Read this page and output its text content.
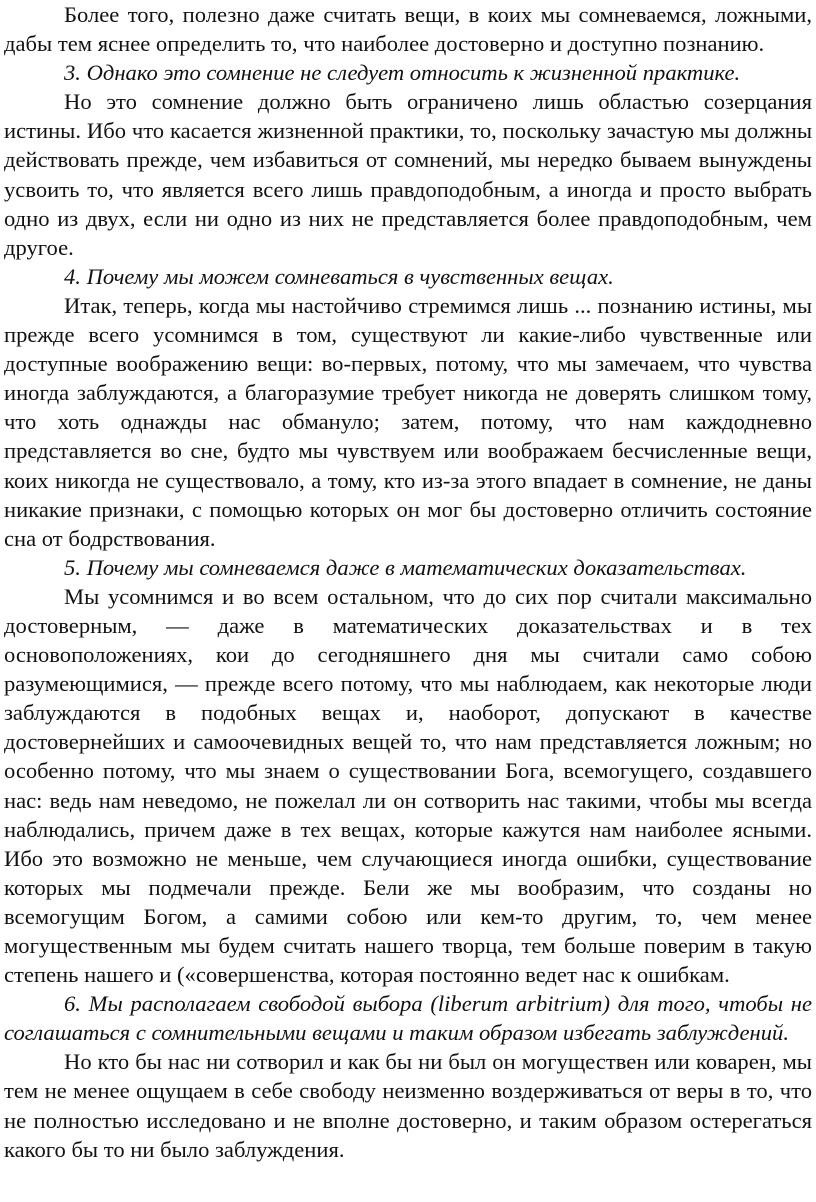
Более того, полезно даже считать вещи, в коих мы сомневаемся, ложными, дабы тем яснее определить то, что наиболее достоверно и доступно познанию.

3. Однако это сомнение не следует относить к жизненной практике.

Но это сомнение должно быть ограничено лишь областью созерцания истины. Ибо что касается жизненной практики, то, поскольку зачастую мы должны действовать прежде, чем избавиться от сомнений, мы нередко бываем вынуждены усвоить то, что является всего лишь правдоподобным, а иногда и просто выбрать одно из двух, если ни одно из них не представляется более правдоподобным, чем другое.

4. Почему мы можем сомневаться в чувственных вещах.

Итак, теперь, когда мы настойчиво стремимся лишь ... познанию истины, мы прежде всего усомнимся в том, существуют ли какие-либо чувственные или доступные воображению вещи: во-первых, потому, что мы замечаем, что чувства иногда заблуждаются, а благоразумие требует никогда не доверять слишком тому, что хоть однажды нас обмануло; затем, потому, что нам каждодневно представляется во сне, будто мы чувствуем или воображаем бесчисленные вещи, коих никогда не существовало, а тому, кто из-за этого впадает в сомнение, не даны никакие признаки, с помощью которых он мог бы достоверно отличить состояние сна от бодрствования.

5. Почему мы сомневаемся даже в математических доказательствах.

Мы усомнимся и во всем остальном, что до сих пор считали максимально достоверным, — даже в математических доказательствах и в тех основоположениях, кои до сегодняшнего дня мы считали само собою разумеющимися, — прежде всего потому, что мы наблюдаем, как некоторые люди заблуждаются в подобных вещах и, наоборот, допускают в качестве достовернейших и самоочевидных вещей то, что нам представляется ложным; но особенно потому, что мы знаем о существовании Бога, всемогущего, создавшего нас: ведь нам неведомо, не пожелал ли он сотворить нас такими, чтобы мы всегда наблюдались, причем даже в тех вещах, которые кажутся нам наиболее ясными. Ибо это возможно не меньше, чем случающиеся иногда ошибки, существование которых мы подмечали прежде. Бели же мы вообразим, что созданы но всемогущим Богом, а самими собою или кем-то другим, то, чем менее могущественным мы будем считать нашего творца, тем больше поверим в такую степень нашего и («совершенства, которая постоянно ведет нас к ошибкам.

6. Мы располагаем свободой выбора (liberum arbitrium) для того, чтобы не соглашаться с сомнительными вещами и таким образом избегать заблуждений.

Но кто бы нас ни сотворил и как бы ни был он могуществен или коварен, мы тем не менее ощущаем в себе свободу неизменно воздерживаться от веры в то, что не полностью исследовано и не вполне достоверно, и таким образом остерегаться какого бы то ни было заблуждения.
